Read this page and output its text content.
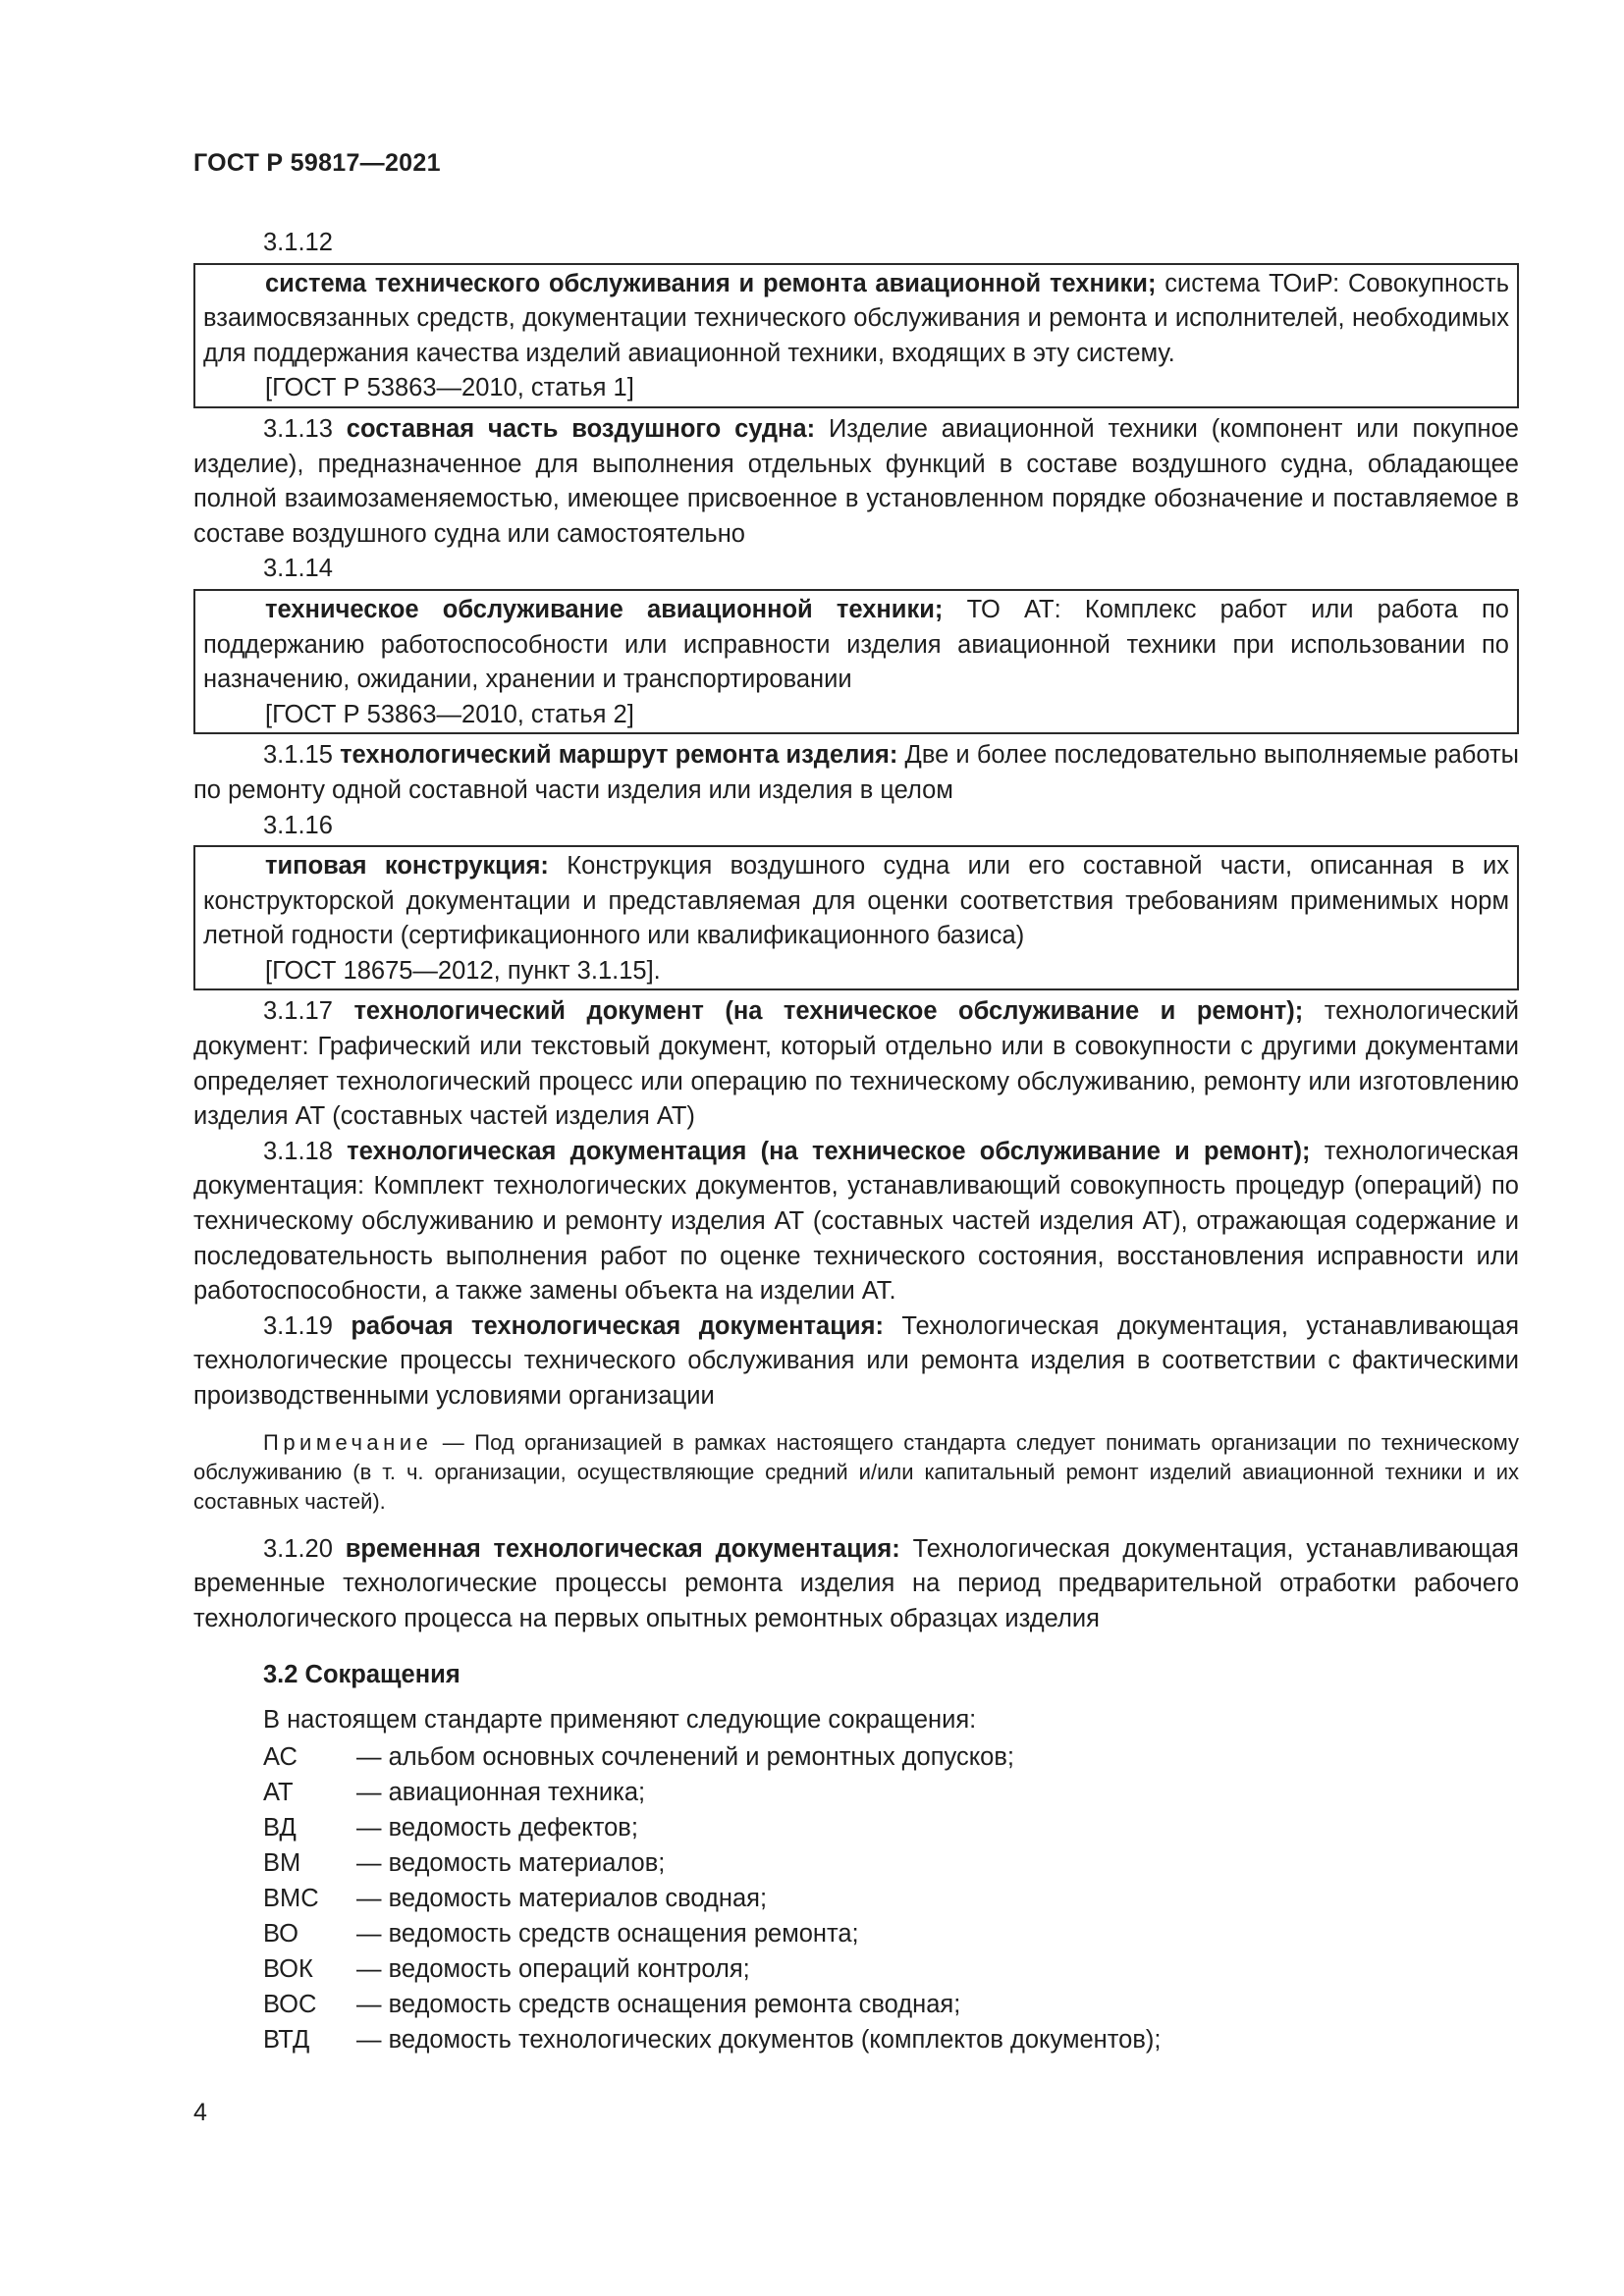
ГОСТ Р 59817—2021
3.1.12
система технического обслуживания и ремонта авиационной техники; система ТОиР: Совокупность взаимосвязанных средств, документации технического обслуживания и ремонта и исполнителей, необходимых для поддержания качества изделий авиационной техники, входящих в эту систему.
[ГОСТ Р 53863—2010, статья 1]
3.1.13 составная часть воздушного судна: Изделие авиационной техники (компонент или покупное изделие), предназначенное для выполнения отдельных функций в составе воздушного судна, обладающее полной взаимозаменяемостью, имеющее присвоенное в установленном порядке обозначение и поставляемое в составе воздушного судна или самостоятельно
3.1.14
техническое обслуживание авиационной техники; ТО АТ: Комплекс работ или работа по поддержанию работоспособности или исправности изделия авиационной техники при использовании по назначению, ожидании, хранении и транспортировании
[ГОСТ Р 53863—2010, статья 2]
3.1.15 технологический маршрут ремонта изделия: Две и более последовательно выполняемые работы по ремонту одной составной части изделия или изделия в целом
3.1.16
типовая конструкция: Конструкция воздушного судна или его составной части, описанная в их конструкторской документации и представляемая для оценки соответствия требованиям применимых норм летной годности (сертификационного или квалификационного базиса)
[ГОСТ 18675—2012, пункт 3.1.15].
3.1.17 технологический документ (на техническое обслуживание и ремонт); технологический документ: Графический или текстовый документ, который отдельно или в совокупности с другими документами определяет технологический процесс или операцию по техническому обслуживанию, ремонту или изготовлению изделия АТ (составных частей изделия АТ)
3.1.18 технологическая документация (на техническое обслуживание и ремонт); технологическая документация: Комплект технологических документов, устанавливающий совокупность процедур (операций) по техническому обслуживанию и ремонту изделия АТ (составных частей изделия АТ), отражающая содержание и последовательность выполнения работ по оценке технического состояния, восстановления исправности или работоспособности, а также замены объекта на изделии АТ.
3.1.19 рабочая технологическая документация: Технологическая документация, устанавливающая технологические процессы технического обслуживания или ремонта изделия в соответствии с фактическими производственными условиями организации
Примечание — Под организацией в рамках настоящего стандарта следует понимать организации по техническому обслуживанию (в т. ч. организации, осуществляющие средний и/или капитальный ремонт изделий авиационной техники и их составных частей).
3.1.20 временная технологическая документация: Технологическая документация, устанавливающая временные технологические процессы ремонта изделия на период предварительной отработки рабочего технологического процесса на первых опытных ремонтных образцах изделия
3.2 Сокращения
В настоящем стандарте применяют следующие сокращения:
АС	— альбом основных сочленений и ремонтных допусков;
АТ	— авиационная техника;
ВД	— ведомость дефектов;
ВМ	— ведомость материалов;
ВМС	— ведомость материалов сводная;
ВО	— ведомость средств оснащения ремонта;
ВОК	— ведомость операций контроля;
ВОС	— ведомость средств оснащения ремонта сводная;
ВТД	— ведомость технологических документов (комплектов документов);
4
